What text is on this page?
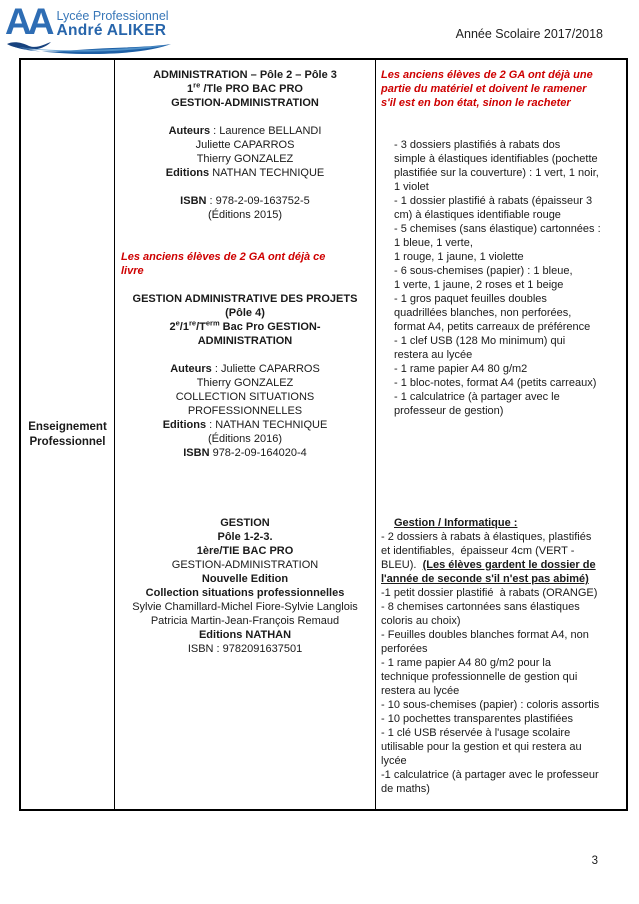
AA Lycée Professionnel
André ALIKER	Année Scolaire 2017/2018
Enseignement
Professionnel
ADMINISTRATION – Pôle 2 – Pôle 3
1re /Tle PRO BAC PRO
GESTION-ADMINISTRATION

Auteurs : Laurence BELLANDI
Juliette CAPARROS
Thierry GONZALEZ
Editions NATHAN TECHNIQUE

ISBN : 978-2-09-163752-5
(Éditions 2015)

Les anciens élèves de 2 GA ont déjà ce
livre

GESTION ADMINISTRATIVE DES PROJETS
(Pôle 4)
$2e/1re/T^{erm}$ Bac Pro GESTION-
ADMINISTRATION

Auteurs : Juliette CAPARROS
Thierry GONZALEZ
COLLECTION SITUATIONS
PROFESSIONNELLES
Editions : NATHAN TECHNIQUE
(Éditions 2016)
ISBN 978-2-09-164020-4

GESTION
Pôle 1-2-3.
1ère/TIE BAC PRO
GESTION-ADMINISTRATION
Nouvelle Edition
Collection situations professionnelles
Sylvie Chamillard-Michel Fiore-Sylvie Langlois
Patricia Martin-Jean-François Remaud
Editions NATHAN
ISBN : 9782091637501
Les anciens élèves de 2 GA ont déjà une
partie du matériel et doivent le ramener
s'il est en bon état, sinon le racheter

- 3 dossiers plastifiés à rabats dos
simple à élastiques identifiables (pochette
plastifiée sur la couverture) : 1 vert, 1 noir,
1 violet
- 1 dossier plastifié à rabats (épaisseur 3
cm) à élastiques identifiable rouge
- 5 chemises (sans élastique) cartonnées :
1 bleue, 1 verte,
1 rouge, 1 jaune, 1 violette
- 6 sous-chemises (papier) : 1 bleue,
1 verte, 1 jaune, 2 roses et 1 beige
- 1 gros paquet feuilles doubles
quadrillées blanches, non perforées,
format A4, petits carreaux de préférence
- 1 clef USB (128 Mo minimum) qui
restera au lycée
- 1 rame papier A4 80 g/m2
- 1 bloc-notes, format A4 (petits carreaux)
- 1 calculatrice (à partager avec le
professeur de gestion)

Gestion / Informatique :
- 2 dossiers à rabats à élastiques, plastifiés
et identifiables,  épaisseur 4cm (VERT -
BLEU).  (Les élèves gardent le dossier de
l'année de seconde s'il n'est pas abimé)
-1 petit dossier plastifié  à rabats (ORANGE)
- 8 chemises cartonnées sans élastiques
coloris au choix)
- Feuilles doubles blanches format A4, non
perforées
- 1 rame papier A4 80 g/m2 pour la
technique professionnelle de gestion qui
restera au lycée
- 10 sous-chemises (papier) : coloris assortis
- 10 pochettes transparentes plastifiées
- 1 clé USB réservée à l'usage scolaire
utilisable pour la gestion et qui restera au
lycée
-1 calculatrice (à partager avec le professeur
de maths)
3
